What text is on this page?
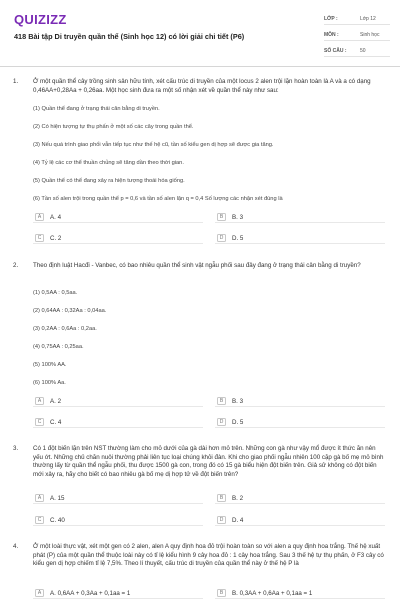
QUIZIZZ
418 Bài tập Di truyền quần thể (Sinh học 12) có lời giải chi tiết (P6)
LỚP :	Lớp 12
MÔN :	Sinh học
SỐ CÂU :	50
1. Ở một quần thể cây trồng sinh sản hữu tính, xét cấu trúc di truyền của một locus 2 alen trội lặn hoàn toàn là A và a có dạng 0,46AA+0,28Aa + 0,26aa. Một học sinh đưa ra một số nhận xét về quần thể này như sau:
(1) Quần thể đang ở trạng thái cân bằng di truyền.
(2) Có hiện tượng tự thụ phấn ở một số các cây trong quần thể.
(3) Nếu quá trình giao phối vẫn tiếp tục như thế hệ cũ, tần số kiểu gen dị hợp sẽ được gia tăng.
(4) Tỷ lệ các cơ thể thuần chủng sẽ tăng dần theo thời gian.
(5) Quần thể có thể đang xảy ra hiện tượng thoái hóa giống.
(6) Tần số alen trội trong quần thể p = 0,6 và tần số alen lặn q = 0,4 Số lượng các nhận xét đúng là
A	A. 4	B	B. 3
C	C. 2	D	D. 5
2. Theo định luật Hacđi - Vanbec, có bao nhiêu quần thể sinh vật ngẫu phối sau đây đang ở trạng thái cân bằng di truyền?
(1) 0,5AA : 0,5aa.
(2) 0,64AA : 0,32Aa : 0,04aa.
(3) 0,2AA : 0,6Aa : 0,2aa.
(4) 0,75AA : 0,25aa.
(5) 100% AA.
(6) 100% Aa.
A	A. 2	B	B. 3
C	C. 4	D	D. 5
3. Có 1 đột biến lặn trên NST thường làm cho mỏ dưới của gà dài hơn mỏ trên. Những con gà như vậy mổ được ít thức ăn nên yếu ớt. Những chủ chăn nuôi thường phải liên tục loại chúng khỏi đàn. Khi cho giao phối ngẫu nhiên 100 cặp gà bố mẹ mỏ bình thường lấy từ quần thể ngẫu phối, thu được 1500 gà con, trong đó có 15 gà biểu hiện đột biến trên. Giả sử không có đột biến mới xảy ra, hãy cho biết có bao nhiêu gà bố mẹ dị hợp tử về đột biến trên?
A	A. 15	B	B. 2
C	C. 40	D	D. 4
4. Ở một loài thực vật, xét một gen có 2 alen, alen A quy định hoa đỏ trội hoàn toàn so với alen a quy định hoa trắng. Thế hệ xuất phát (P) của một quần thể thuộc loài này có tỉ lệ kiểu hình 9 cây hoa đỏ : 1 cây hoa trắng. Sau 3 thế hệ tự thụ phấn, ở F3 cây có kiểu gen dị hợp chiếm tỉ lệ 7,5%. Theo lí thuyết, cấu trúc di truyền của quần thể này ở thế hệ P là
A	A. 0,6AA + 0,3Aa + 0,1aa = 1	B	B. 0,3AA + 0,6Aa + 0,1aa = 1
